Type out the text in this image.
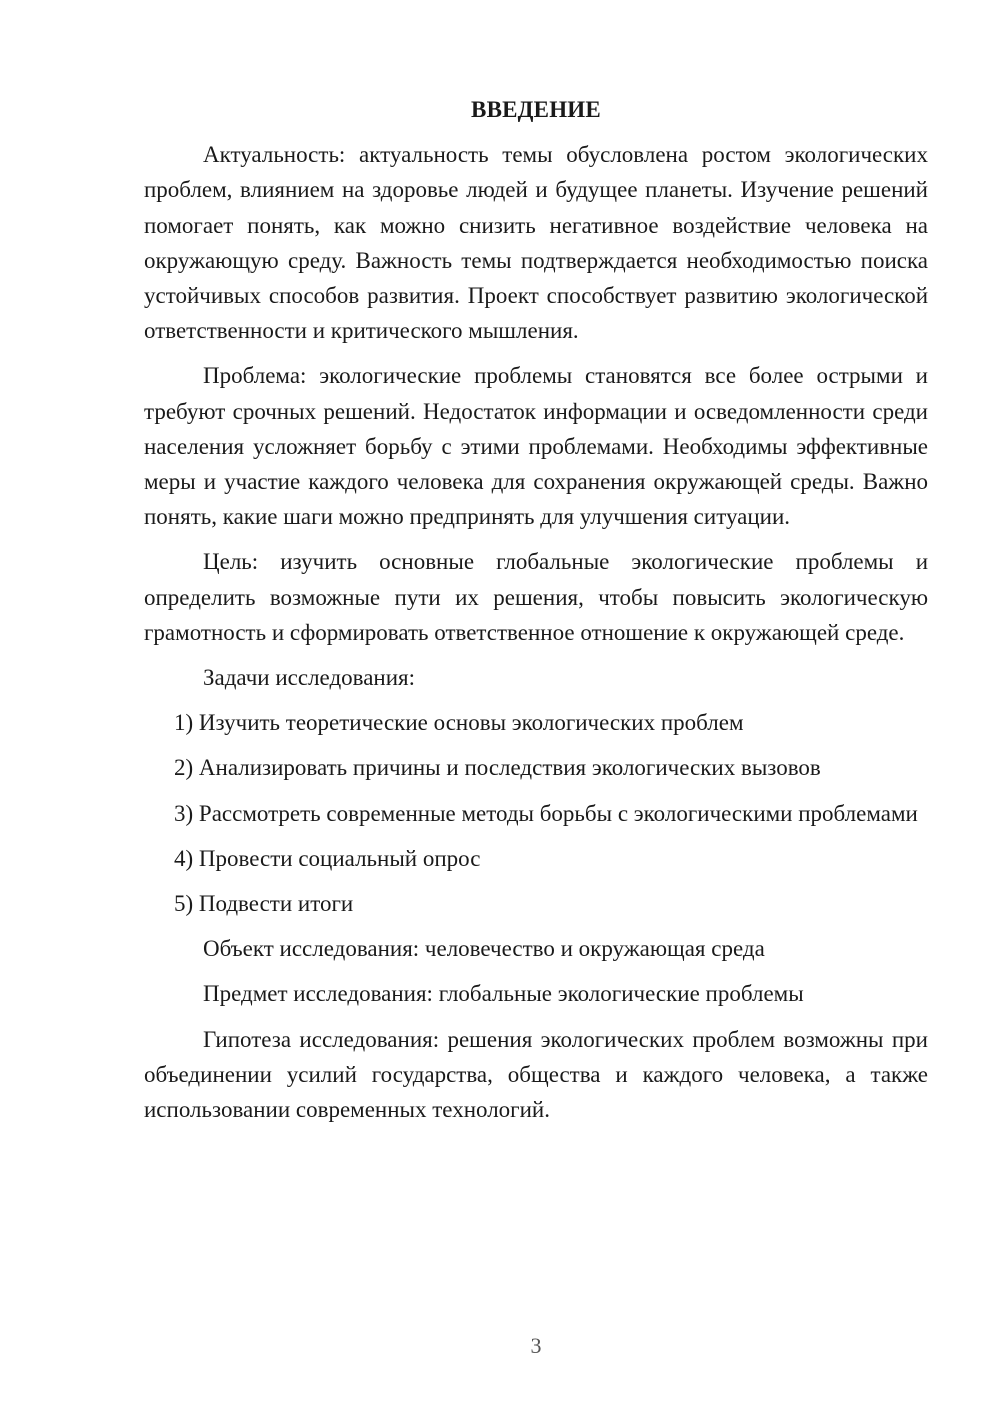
ВВЕДЕНИЕ

Актуальность: актуальность темы обусловлена ростом экологических проблем, влиянием на здоровье людей и будущее планеты. Изучение решений помогает понять, как можно снизить негативное воздействие человека на окружающую среду. Важность темы подтверждается необходимостью поиска устойчивых способов развития. Проект способствует развитию экологической ответственности и критического мышления.

Проблема: экологические проблемы становятся все более острыми и требуют срочных решений. Недостаток информации и осведомленности среди населения усложняет борьбу с этими проблемами. Необходимы эффективные меры и участие каждого человека для сохранения окружающей среды. Важно понять, какие шаги можно предпринять для улучшения ситуации.

Цель: изучить основные глобальные экологические проблемы и определить возможные пути их решения, чтобы повысить экологическую грамотность и сформировать ответственное отношение к окружающей среде.

Задачи исследования:

1) Изучить теоретические основы экологических проблем

2) Анализировать причины и последствия экологических вызовов

3) Рассмотреть современные методы борьбы с экологическими проблемами

4) Провести социальный опрос

5) Подвести итоги

Объект исследования: человечество и окружающая среда

Предмет исследования: глобальные экологические проблемы

Гипотеза исследования: решения экологических проблем возможны при объединении усилий государства, общества и каждого человека, а также использовании современных технологий.

3
